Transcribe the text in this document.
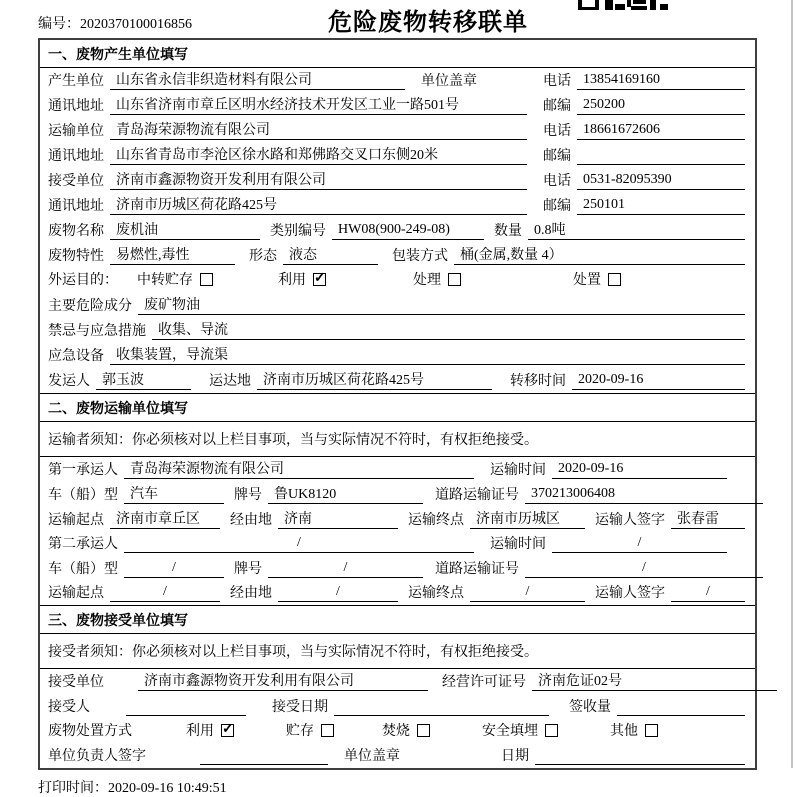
编号：2020370100016856	危险废物转移联单
一、废物产生单位填写
产生单位 山东省永信非织造材料有限公司	单位盖章	电话 13854169160
通讯地址 山东省济南市章丘区明水经济技术开发区工业一路501号	邮编 250200
运输单位 青岛海荣源物流有限公司	电话 18661672606
通讯地址 山东省青岛市李沧区徐水路和郑佛路交叉口东侧20米	邮编
接受单位 济南市鑫源物资开发利用有限公司	电话 0531-82095390
通讯地址 济南市历城区荷花路425号	邮编 250101
废物名称 废机油	类别编号 HW08(900-249-08)	数量 0.8吨
废物特性 易燃性,毒性	形态 液态	包装方式 桶(金属,数量 4）
外运目的： 中转贮存	利用 ✓	处理	处置
主要危险成分 废矿物油
禁忌与应急措施 收集、导流
应急设备 收集装置，导流渠
发运人 郭玉波	运达地 济南市历城区荷花路425号	转移时间 2020-09-16
二、废物运输单位填写
运输者须知：你必须核对以上栏目事项，当与实际情况不符时，有权拒绝接受。
第一承运人 青岛海荣源物流有限公司	运输时间 2020-09-16
车（船）型 汽车	牌号 鲁UK8120	道路运输证号 370213006408
运输起点 济南市章丘区	经由地 济南	运输终点 济南市历城区	运输人签字 张春雷
第二承运人	/	运输时间	/
车（船）型	/	牌号	/	道路运输证号	/
运输起点	/	经由地	/	运输终点	/	运输人签字	/
三、废物接受单位填写
接受者须知：你必须核对以上栏目事项，当与实际情况不符时，有权拒绝接受。
接受单位	济南市鑫源物资开发利用有限公司	经营许可证号 济南危证02号
接受人	接受日期	签收量
废物处置方式	利用 ✓	贮存	焚烧	安全填埋	其他
单位负责人签字	单位盖章	日期
打印时间：2020-09-16 10:49:51
